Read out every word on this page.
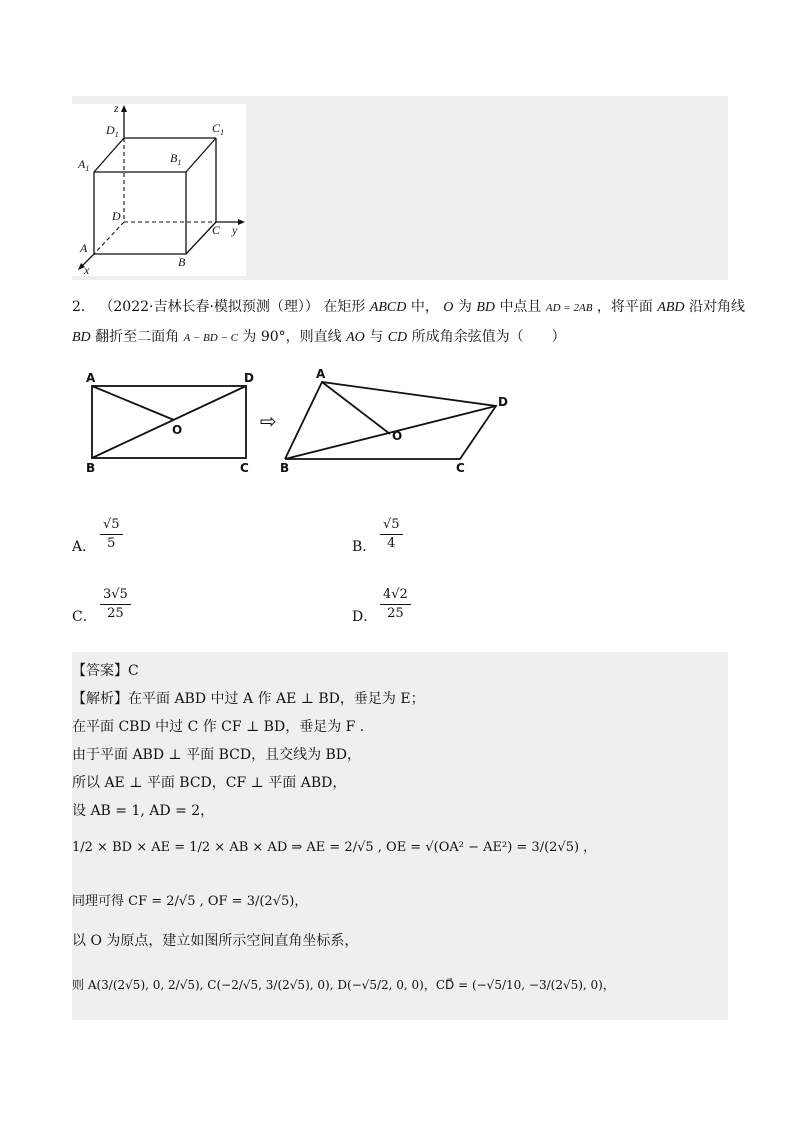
z
y
x
A
B
C
D
$A_1$
$B_1$
$C_1$
$D_1$
2． （2022·吉林长春·模拟预测（理）） 在矩形 ABCD 中， O 为 BD 中点且 AD = 2AB ，将平面 ABD 沿对角线
BD 翻折至二面角 A − BD − C 为 90°，则直线 AO 与 CD 所成角余弦值为（　　）
A	D
O
B	C
A
D
O
B	C
⇨
A． $\frac{√5}{5}$	B． $\frac{√5}{4}$
C． $\frac{3√5}{25}$	D． $\frac{4√2}{25}$
【答案】C
【解析】在平面 ABD 中过 A 作 AE ⊥ BD，垂足为 E；
在平面 CBD 中过 C 作 CF ⊥ BD，垂足为 F .
由于平面 ABD ⊥ 平面 BCD，且交线为 BD，
所以 AE ⊥ 平面 BCD，CF ⊥ 平面 ABD，
设 AB = 1, AD = 2，
1/2 × BD × AE = 1/2 × AB × AD ⇒ AE = 2/√5 , OE = √(OA² − AE²) = 3/(2√5) ，
同理可得 CF = 2/√5 , OF = 3/(2√5)，
以 O 为原点，建立如图所示空间直角坐标系，
则 A(3/(2√5), 0, 2/√5), C(−2/√5, 3/(2√5), 0), D(−√5/2, 0, 0)，CD⃗ = (−√5/10, −3/(2√5), 0)，
